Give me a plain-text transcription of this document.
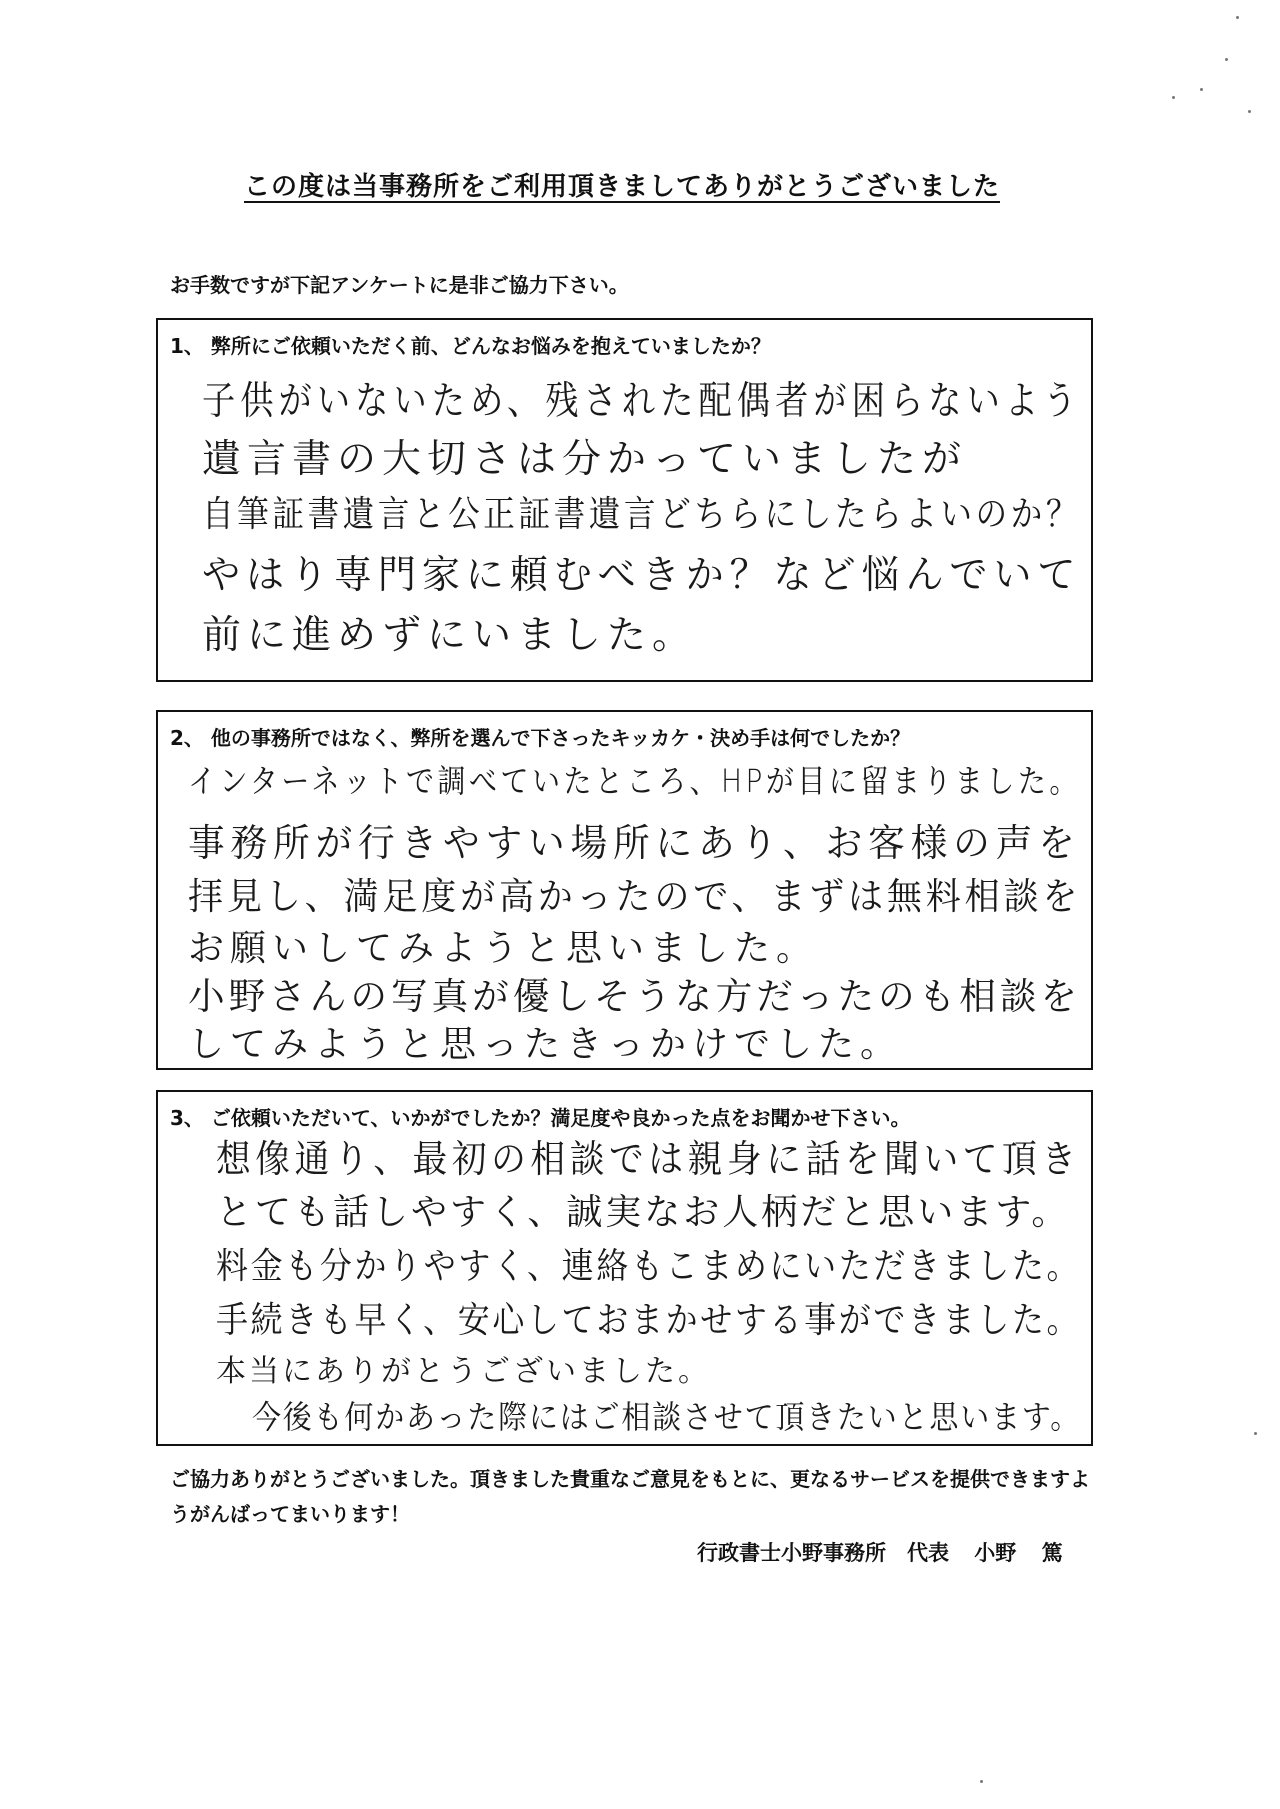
この度は当事務所をご利用頂きましてありがとうございました
お手数ですが下記アンケートに是非ご協力下さい。
1、 弊所にご依頼いただく前、どんなお悩みを抱えていましたか？
子供がいないため、残された配偶者が困らないよう
遺言書の大切さは分かっていましたが
自筆証書遺言と公正証書遺言どちらにしたらよいのか？
やはり専門家に頼むべきか？など悩んでいて
前に進めずにいました。
2、 他の事務所ではなく、弊所を選んで下さったキッカケ・決め手は何でしたか？
インターネットで調べていたところ、HPが目に留まりました。
事務所が行きやすい場所にあり、お客様の声を
拝見し、満足度が高かったので、まずは無料相談を
お願いしてみようと思いました。
小野さんの写真が優しそうな方だったのも相談を
してみようと思ったきっかけでした。
3、 ご依頼いただいて、いかがでしたか？満足度や良かった点をお聞かせ下さい。
想像通り、最初の相談では親身に話を聞いて頂き
とても話しやすく、誠実なお人柄だと思います。
料金も分かりやすく、連絡もこまめにいただきました。
手続きも早く、安心しておまかせする事ができました。
本当にありがとうございました。
今後も何かあった際にはご相談させて頂きたいと思います。
ご協力ありがとうございました。頂きました貴重なご意見をもとに、更なるサービスを提供できますようがんばってまいります！
行政書士小野事務所　代表 小野 篤
